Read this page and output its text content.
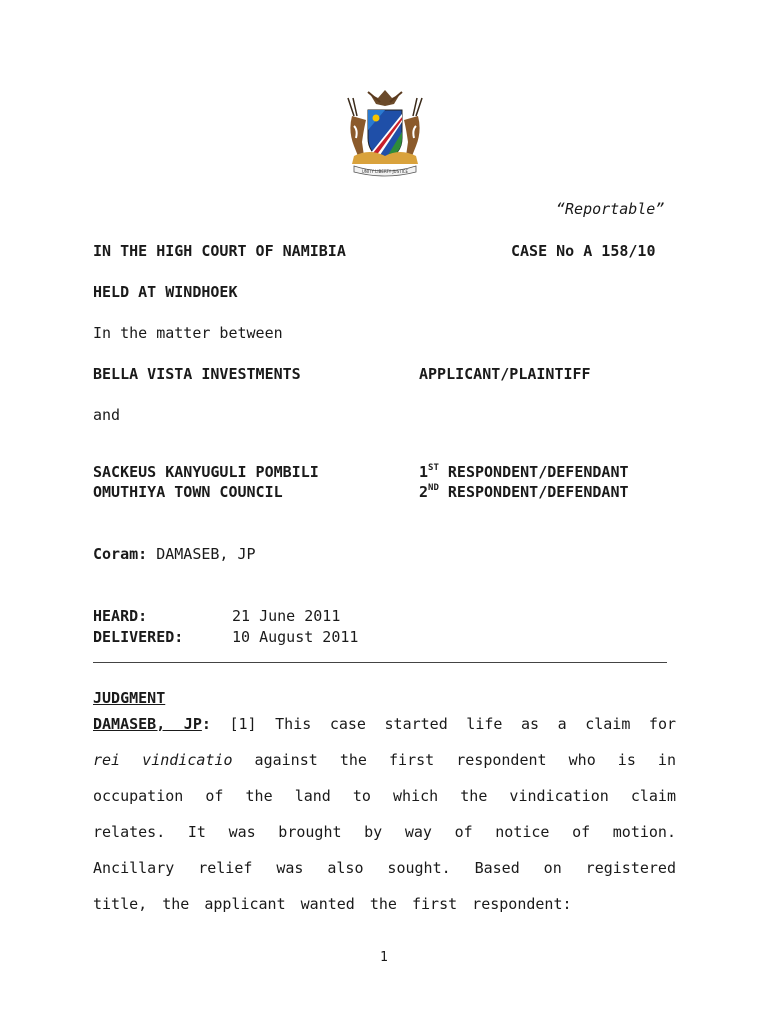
UNITY LIBERTY JUSTICE
“Reportable”
IN THE HIGH COURT OF NAMIBIA	CASE No A 158/10
HELD AT WINDHOEK
In the matter between
BELLA VISTA INVESTMENTS	APPLICANT/PLAINTIFF
and
SACKEUS KANYUGULI POMBILI	1ST RESPONDENT/DEFENDANT
OMUTHIYA TOWN COUNCIL	2ND RESPONDENT/DEFENDANT
Coram: DAMASEB, JP
HEARD:	21 June 2011
DELIVERED:	10 August 2011
JUDGMENT
DAMASEB, JP: [1] This case started life as a claim for
rei vindicatio against the first respondent who is in
occupation of the land to which the vindication claim
relates. It was brought by way of notice of motion.
Ancillary relief was also sought. Based on registered
title, the applicant wanted the first respondent:
1
